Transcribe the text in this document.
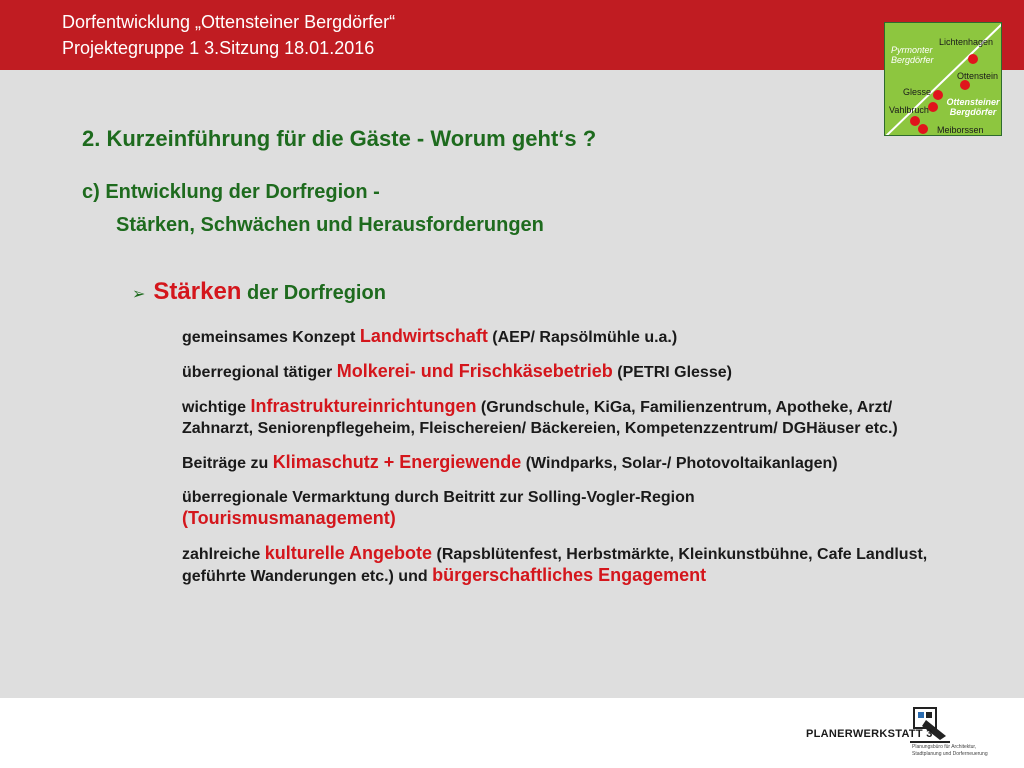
Dorfentwicklung „Ottensteiner Bergdörfer“
Projektegruppe 1 3.Sitzung 18.01.2016	Pyrmonter
Bergdörfer
Lichtenhagen
Ottenstein
Glesse
Vahlbruch
Ottensteiner
Bergdörfer
Meiborssen
2. Kurzeinführung für die Gäste - Worum geht‘s ?
c) Entwicklung der Dorfregion -
Stärken, Schwächen und Herausforderungen
➢ Stärken der Dorfregion
gemeinsames Konzept Landwirtschaft (AEP/ Rapsölmühle u.a.)
überregional tätiger Molkerei- und Frischkäsebetrieb (PETRI Glesse)
wichtige Infrastruktureinrichtungen (Grundschule, KiGa, Familienzentrum, Apotheke, Arzt/ Zahnarzt, Seniorenpflegeheim, Fleischereien/ Bäckereien, Kompetenzzentrum/ DGHäuser etc.)
Beiträge zu Klimaschutz + Energiewende (Windparks, Solar-/ Photovoltaikanlagen)
überregionale Vermarktung durch Beitritt zur Solling-Vogler-Region (Tourismusmanagement)
zahlreiche kulturelle Angebote (Rapsblütenfest, Herbstmärkte, Kleinkunstbühne, Cafe Landlust, geführte Wanderungen etc.) und bürgerschaftliches Engagement
PLANERWERKSTATT 3
Planungsbüro für Architektur,
Stadtplanung und Dorferneuerung
